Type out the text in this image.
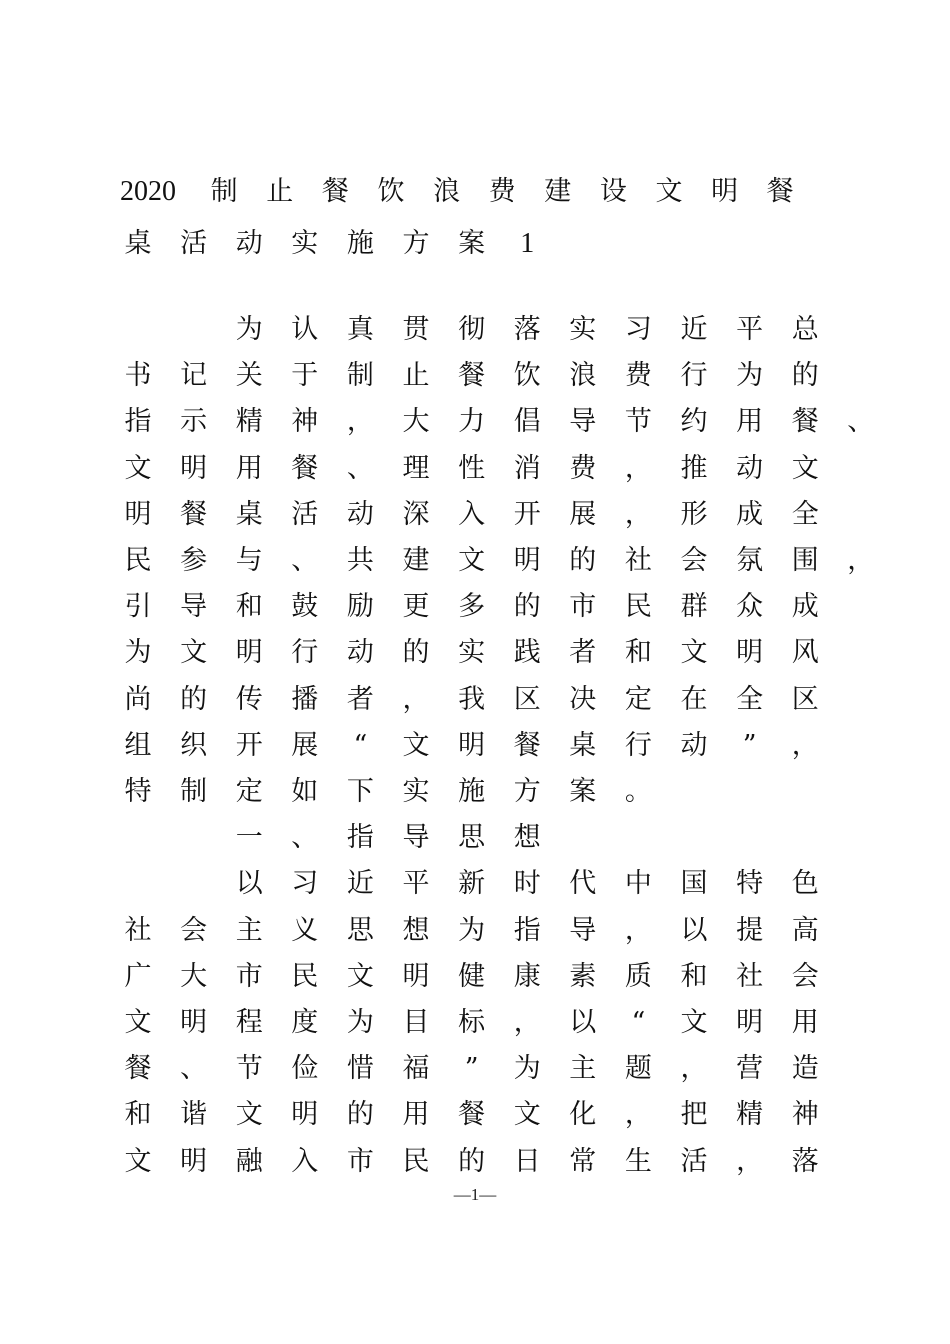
2020	制 止 餐 饮 浪 费 建 设 文 明 餐
桌 活 动 实 施 方 案	1
为 认 真 贯 彻 落 实 习 近 平 总
书 记 关 于 制 止 餐 饮 浪 费 行 为 的
指 示 精 神 ， 大 力 倡 导 节 约 用 餐 、
文 明 用 餐 、 理 性 消 费 ， 推 动 文
明 餐 桌 活 动 深 入 开 展 ， 形 成 全
民 参 与 、 共 建 文 明 的 社 会 氛 围 ，
引 导 和 鼓 励 更 多 的 市 民 群 众 成
为 文 明 行 动 的 实 践 者 和 文 明 风
尚 的 传 播 者 ， 我 区 决 定 在 全 区
组 织 开 展	“	文 明 餐 桌 行 动	”	，
特 制 定 如 下 实 施 方 案 。
一 、 指 导 思 想
以 习 近 平 新 时 代 中 国 特 色
社 会 主 义 思 想 为 指 导 ， 以 提 高
广 大 市 民 文 明 健 康 素 质 和 社 会
文 明 程 度 为 目 标 ， 以	“	文 明 用
餐 、 节 俭 惜 福	”	为 主 题 ， 营 造
和 谐 文 明 的 用 餐 文 化 ， 把 精 神
文 明 融 入 市 民 的 日 常 生 活 ， 落
—1—
